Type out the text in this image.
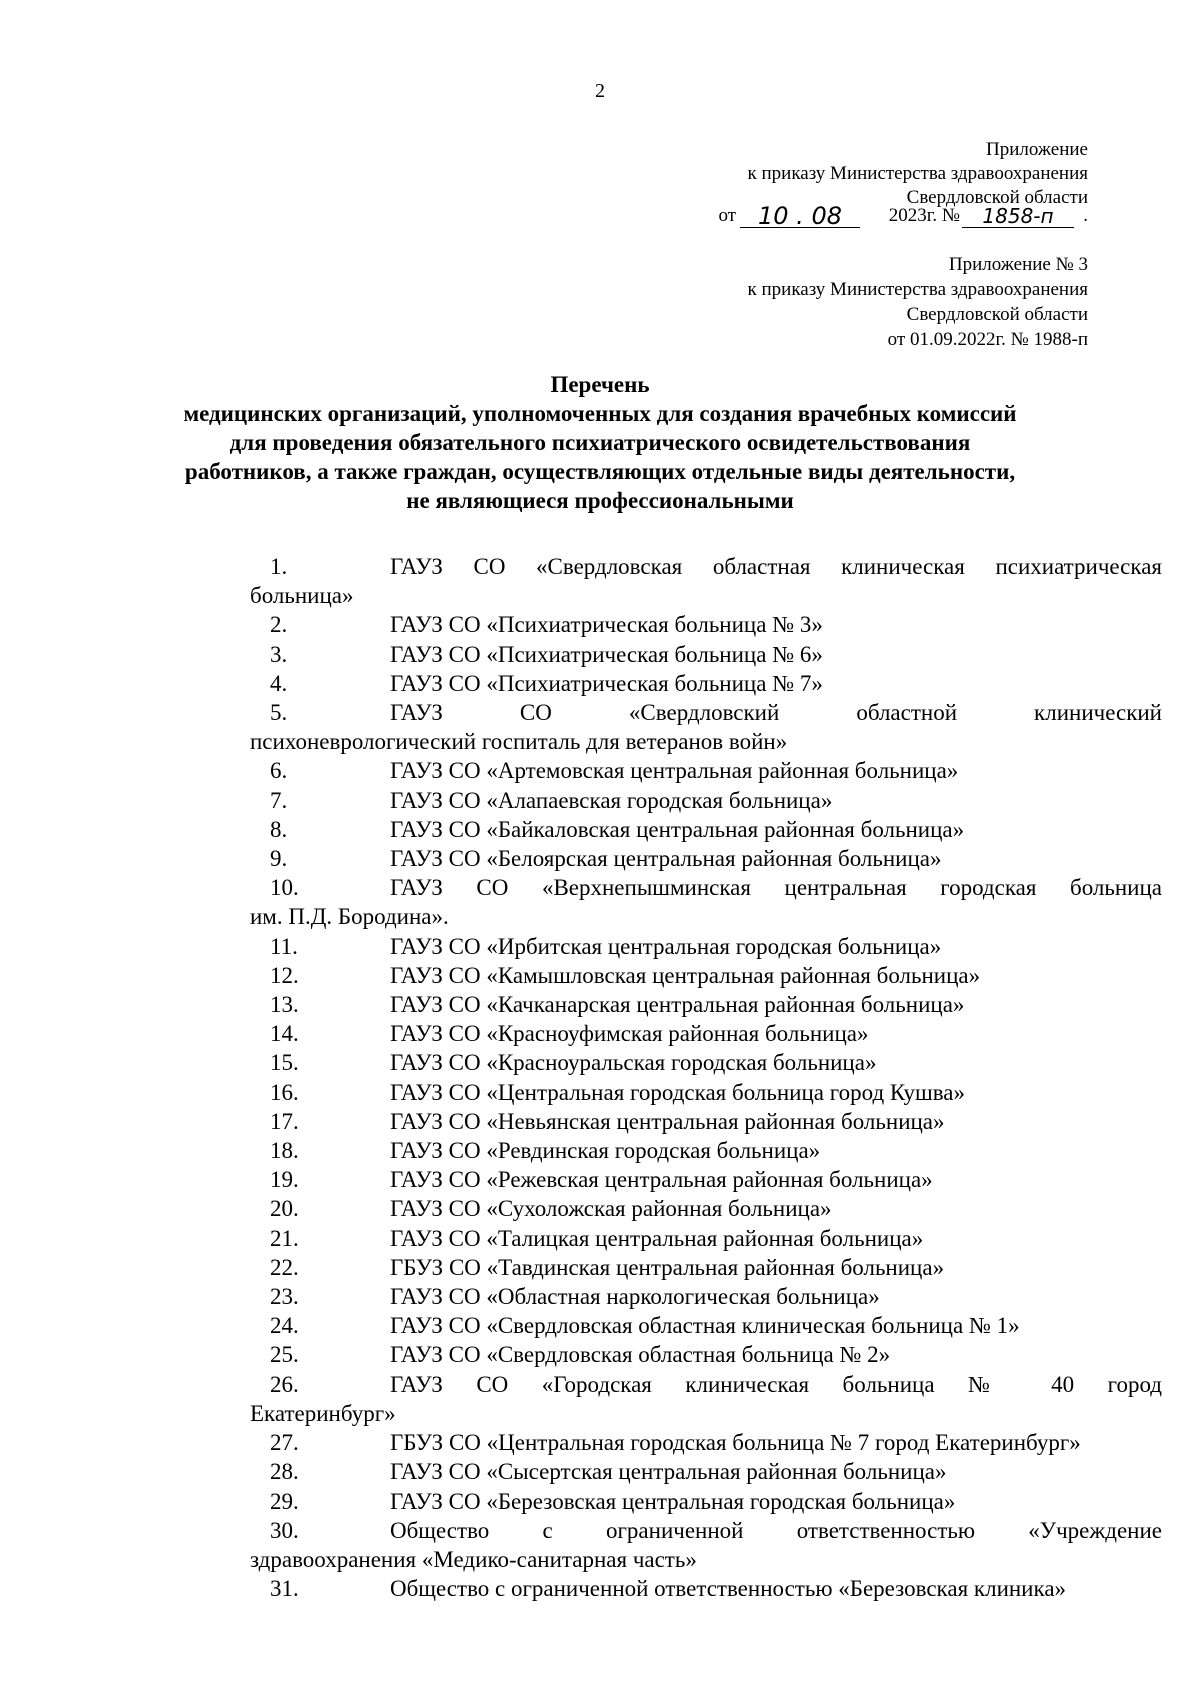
2
Приложение
к приказу Министерства здравоохранения
Свердловской области
от 10 . 08	2023г. №	1858-п	.
Приложение № 3
к приказу Министерства здравоохранения
Свердловской области
от 01.09.2022г. № 1988-п
Перечень
медицинских организаций, уполномоченных для создания врачебных комиссий
для проведения обязательного психиатрического освидетельствования
работников, а также граждан, осуществляющих отдельные виды деятельности,
не являющиеся профессиональными
1.	ГАУЗ СО «Свердловская областная клиническая психиатрическая
больница»
2.	ГАУЗ СО «Психиатрическая больница № 3»
3.	ГАУЗ СО «Психиатрическая больница № 6»
4.	ГАУЗ СО «Психиатрическая больница № 7»
5.	ГАУЗ СО «Свердловский областной клинический
психоневрологический госпиталь для ветеранов войн»
6.	ГАУЗ СО «Артемовская центральная районная больница»
7.	ГАУЗ СО «Алапаевская городская больница»
8.	ГАУЗ СО «Байкаловская центральная районная больница»
9.	ГАУЗ СО «Белоярская центральная районная больница»
10.	ГАУЗ СО «Верхнепышминская центральная городская больница
им. П.Д. Бородина».
11.	ГАУЗ СО «Ирбитская центральная городская больница»
12.	ГАУЗ СО «Камышловская центральная районная больница»
13.	ГАУЗ СО «Качканарская центральная районная больница»
14.	ГАУЗ СО «Красноуфимская районная больница»
15.	ГАУЗ СО «Красноуральская городская больница»
16.	ГАУЗ СО «Центральная городская больница город Кушва»
17.	ГАУЗ СО «Невьянская центральная районная больница»
18.	ГАУЗ СО «Ревдинская городская больница»
19.	ГАУЗ СО «Режевская центральная районная больница»
20.	ГАУЗ СО «Сухоложская районная больница»
21.	ГАУЗ СО «Талицкая центральная районная больница»
22.	ГБУЗ СО «Тавдинская центральная районная больница»
23.	ГАУЗ СО «Областная наркологическая больница»
24.	ГАУЗ СО «Свердловская областная клиническая больница № 1»
25.	ГАУЗ СО «Свердловская областная больница № 2»
26.	ГАУЗ СО «Городская клиническая больница № 40 город
Екатеринбург»
27.	ГБУЗ СО «Центральная городская больница № 7 город Екатеринбург»
28.	ГАУЗ СО «Сысертская центральная районная больница»
29.	ГАУЗ СО «Березовская центральная городская больница»
30.	Общество с ограниченной ответственностью «Учреждение
здравоохранения «Медико-санитарная часть»
31.	Общество с ограниченной ответственностью «Березовская клиника»
